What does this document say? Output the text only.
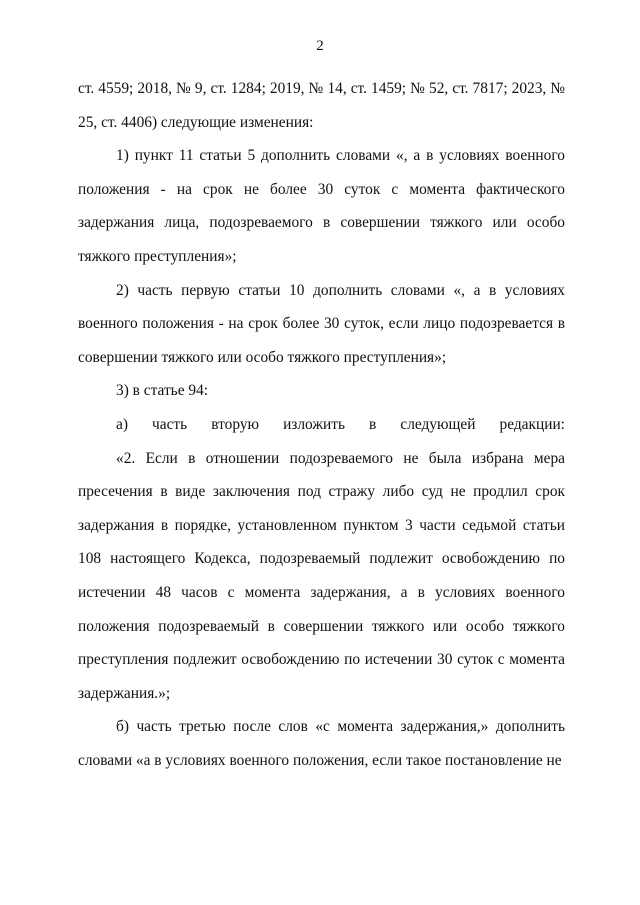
2

ст. 4559; 2018, № 9, ст. 1284; 2019, № 14, ст. 1459; № 52, ст. 7817; 2023, № 25, ст. 4406) следующие изменения:

1) пункт 11 статьи 5 дополнить словами «, а в условиях военного положения - на срок не более 30 суток с момента фактического задержания лица, подозреваемого в совершении тяжкого или особо тяжкого преступления»;

2) часть первую статьи 10 дополнить словами «, а в условиях военного положения - на срок более 30 суток, если лицо подозревается в совершении тяжкого или особо тяжкого преступления»;

3) в статье 94:

а) часть вторую изложить в следующей редакции:

«2. Если в отношении подозреваемого не была избрана мера пресечения в виде заключения под стражу либо суд не продлил срок задержания в порядке, установленном пунктом 3 части седьмой статьи 108 настоящего Кодекса, подозреваемый подлежит освобождению по истечении 48 часов с момента задержания, а в условиях военного положения подозреваемый в совершении тяжкого или особо тяжкого преступления подлежит освобождению по истечении 30 суток с момента задержания.»;

б) часть третью после слов «с момента задержания,» дополнить словами «а в условиях военного положения, если такое постановление не
